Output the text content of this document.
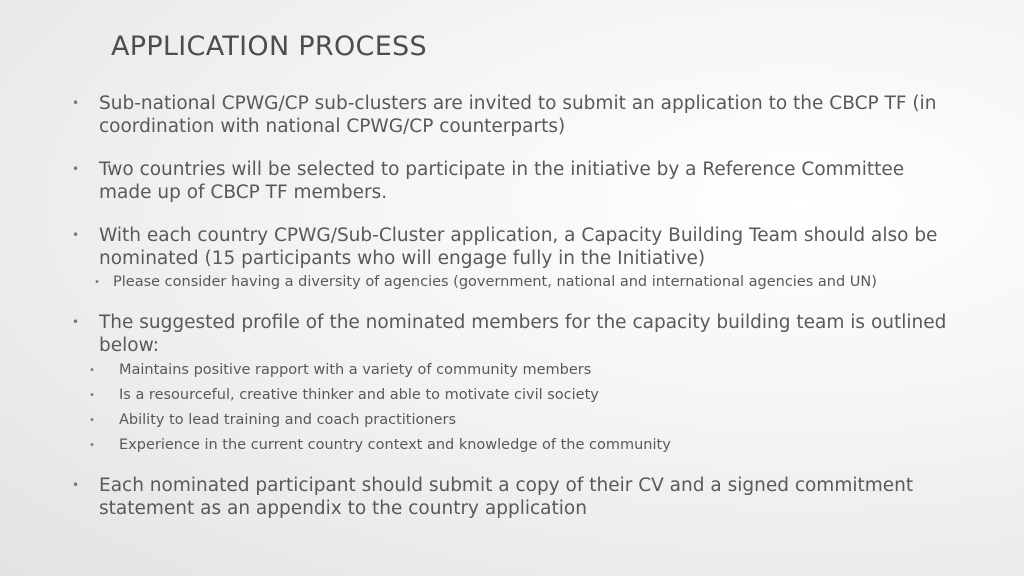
APPLICATION PROCESS
• Sub-national CPWG/CP sub-clusters are invited to submit an application to the CBCP TF (in coordination with national CPWG/CP counterparts)
• Two countries will be selected to participate in the initiative by a Reference Committee made up of CBCP TF members.
• With each country CPWG/Sub-Cluster application, a Capacity Building Team should also be nominated (15 participants who will engage fully in the Initiative)
• Please consider having a diversity of agencies (government, national and international agencies and UN)
• The suggested profile of the nominated members for the capacity building team is outlined below:
• Maintains positive rapport with a variety of community members
• Is a resourceful, creative thinker and able to motivate civil society
• Ability to lead training and coach practitioners
• Experience in the current country context and knowledge of the community
• Each nominated participant should submit a copy of their CV and a signed commitment statement as an appendix to the country application
